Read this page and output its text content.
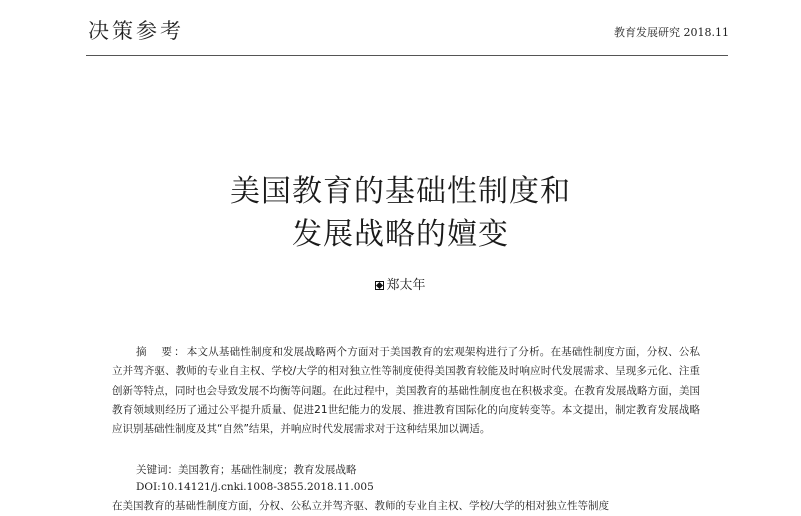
决策参考	教育发展研究 2018.11
美国教育的基础性制度和
发展战略的嬗变
郑太年

摘　要：本文从基础性制度和发展战略两个方面对于美国教育的宏观架构进行了分析。在基础性制度方面，分权、公私立并驾齐驱、教师的专业自主权、学校/大学的相对独立性等制度使得美国教育较能及时响应时代发展需求、呈现多元化、注重创新等特点，同时也会导致发展不均衡等问题。在此过程中，美国教育的基础性制度也在积极求变。在教育发展战略方面，美国教育领域则经历了通过公平提升质量、促进21世纪能力的发展、推进教育国际化的向度转变等。本文提出，制定教育发展战略应识别基础性制度及其“自然”结果，并响应时代发展需求对于这种结果加以调适。

关键词：美国教育；基础性制度；教育发展战略
DOI:10.14121/j.cnki.1008-3855.2018.11.005
在美国教育的基础性制度方面，分权、公私立并驾齐驱、教师的专业自主权、学校/大学的相对独立性等制度
